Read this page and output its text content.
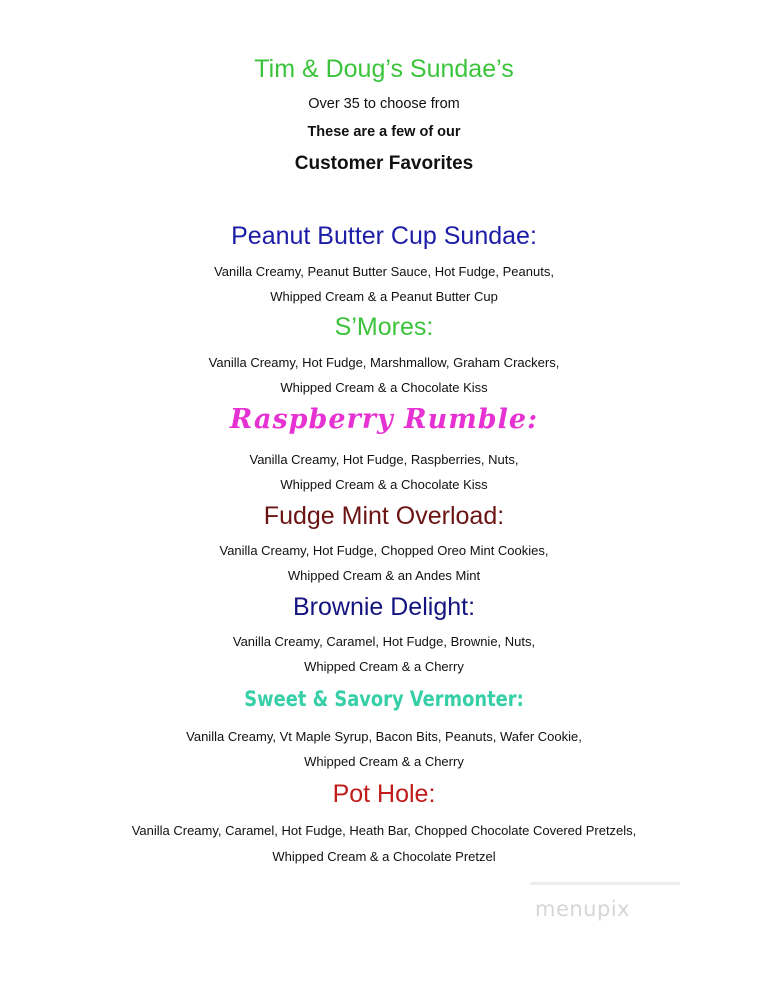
Tim & Doug’s Sundae’s

Over 35 to choose from

These are a few of our

Customer Favorites

Peanut Butter Cup Sundae:

Vanilla Creamy, Peanut Butter Sauce, Hot Fudge, Peanuts,

Whipped Cream & a Peanut Butter Cup

S’Mores:

Vanilla Creamy, Hot Fudge, Marshmallow, Graham Crackers,

Whipped Cream & a Chocolate Kiss

Raspberry Rumble:

Vanilla Creamy, Hot Fudge, Raspberries, Nuts,

Whipped Cream & a Chocolate Kiss

Fudge Mint Overload:

Vanilla Creamy, Hot Fudge, Chopped Oreo Mint Cookies,

Whipped Cream & an Andes Mint

Brownie Delight:

Vanilla Creamy, Caramel, Hot Fudge, Brownie, Nuts,

Whipped Cream & a Cherry

Sweet & Savory Vermonter:

Vanilla Creamy, Vt Maple Syrup, Bacon Bits, Peanuts, Wafer Cookie,

Whipped Cream & a Cherry

Pot Hole:

Vanilla Creamy, Caramel, Hot Fudge, Heath Bar, Chopped Chocolate Covered Pretzels,

Whipped Cream & a Chocolate Pretzel

menupix
